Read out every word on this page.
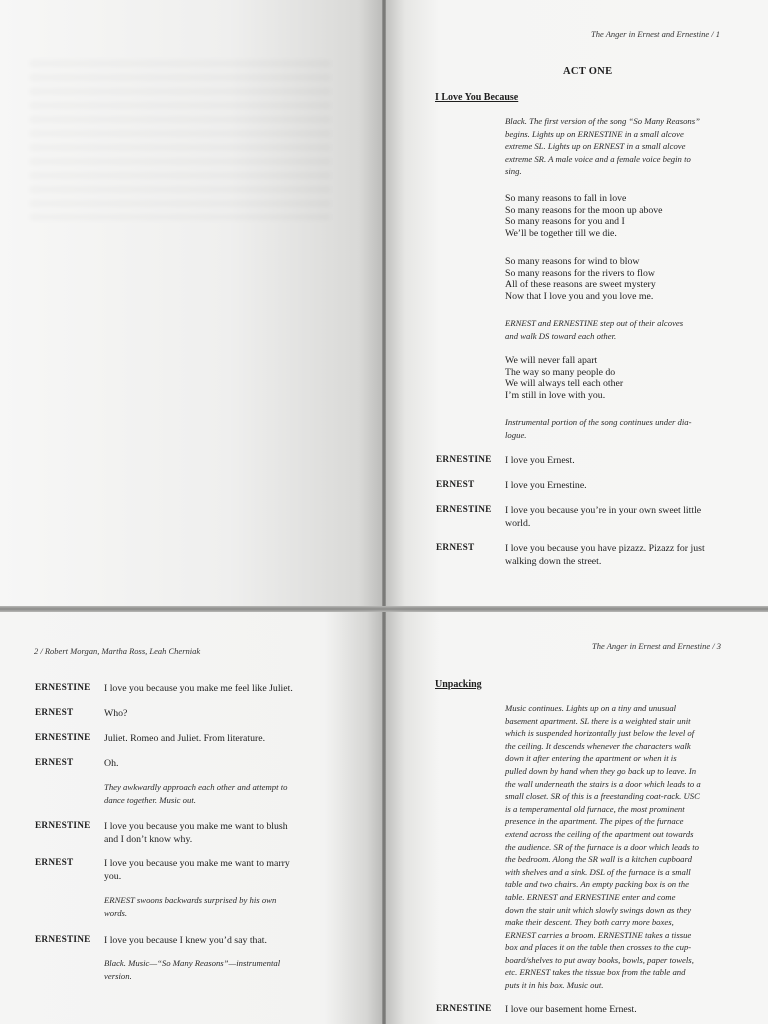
The Anger in Ernest and Ernestine / 1
ACT ONE
I Love You Because
Black. The first version of the song “So Many Reasons”
begins. Lights up on ERNESTINE in a small alcove
extreme SL. Lights up on ERNEST in a small alcove
extreme SR. A male voice and a female voice begin to
sing.
So many reasons to fall in love
So many reasons for the moon up above
So many reasons for you and I
We’ll be together till we die.
So many reasons for wind to blow
So many reasons for the rivers to flow
All of these reasons are sweet mystery
Now that I love you and you love me.
ERNEST and ERNESTINE step out of their alcoves
and walk DS toward each other.
We will never fall apart
The way so many people do
We will always tell each other
I’m still in love with you.
Instrumental portion of the song continues under dia-
logue.
ERNESTINE I love you Ernest.
ERNEST	I love you Ernestine.
ERNESTINE I love you because you’re in your own sweet little
world.
ERNEST	I love you because you have pizazz. Pizazz for just
walking down the street.
2 / Robert Morgan, Martha Ross, Leah Cherniak
ERNESTINE I love you because you make me feel like Juliet.
ERNEST	Who?
ERNESTINE Juliet. Romeo and Juliet. From literature.
ERNEST	Oh.
They awkwardly approach each other and attempt to
dance together. Music out.
ERNESTINE I love you because you make me want to blush
and I don’t know why.
ERNEST	I love you because you make me want to marry
you.
ERNEST swoons backwards surprised by his own
words.
ERNESTINE I love you because I knew you’d say that.
Black. Music—“So Many Reasons”—instrumental
version.
The Anger in Ernest and Ernestine / 3
Unpacking
Music continues. Lights up on a tiny and unusual
basement apartment. SL there is a weighted stair unit
which is suspended horizontally just below the level of
the ceiling. It descends whenever the characters walk
down it after entering the apartment or when it is
pulled down by hand when they go back up to leave. In
the wall underneath the stairs is a door which leads to a
small closet. SR of this is a freestanding coat-rack. USC
is a temperamental old furnace, the most prominent
presence in the apartment. The pipes of the furnace
extend across the ceiling of the apartment out towards
the audience. SR of the furnace is a door which leads to
the bedroom. Along the SR wall is a kitchen cupboard
with shelves and a sink. DSL of the furnace is a small
table and two chairs. An empty packing box is on the
table. ERNEST and ERNESTINE enter and come
down the stair unit which slowly swings down as they
make their descent. They both carry more boxes,
ERNEST carries a broom. ERNESTINE takes a tissue
box and places it on the table then crosses to the cup-
board/shelves to put away books, bowls, paper towels,
etc. ERNEST takes the tissue box from the table and
puts it in his box. Music out.
ERNESTINE I love our basement home Ernest.
